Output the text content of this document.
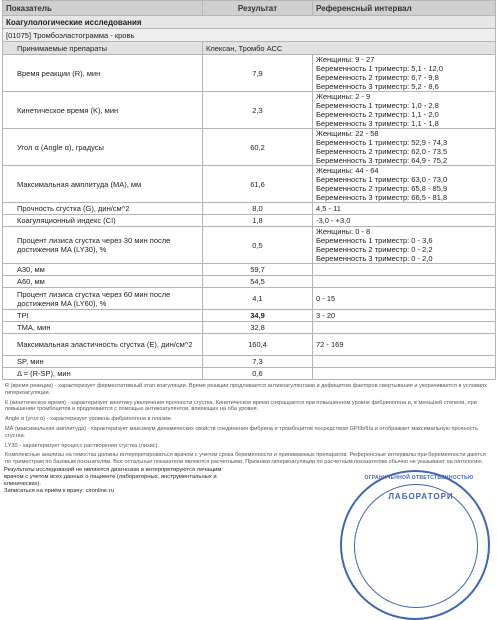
Показатель	Результат	Референсный интервал
Коагулологические исследования		
[01075] Тромбоэластограмма - кровь		
Принимаемые препараты	Клексан, Тромбо АСС	
Время реакции (R), мин	7,9	Женщины: 9 - 27
Беременность 1 триместр: 5,1 - 12,0
Беременность 2 триместр: 6,7 - 9,8
Беременность 3 триместр: 5,2 - 8,6
Кинетическое время (K), мин	2,3	Женщины: 2 - 9
Беременность 1 триместр: 1,0 - 2,8
Беременность 2 триместр: 1,1 - 2,0
Беременность 3 триместр: 1,1 - 1,8
Угол α (Angle α), градусы	60,2	Женщины: 22 - 58
Беременность 1 триместр: 52,9 - 74,3
Беременность 2 триместр: 62,0 - 73,5
Беременность 3 триместр: 64,9 - 75,2
Максимальная амплитуда (MA), мм	61,6	Женщины: 44 - 64
Беременность 1 триместр: 63,0 - 73,0
Беременность 2 триместр: 65,8 - 85,9
Беременность 3 триместр: 66,5 - 81,8
Прочность сгустка (G), дин/см^2	8,0	4,5 - 11
Коагуляционный индекс (CI)	1,8	-3,0 - +3,0
Процент лизиса сгустка через 30 мин после достижения MA (LY30), %	0,5	Женщины: 0 - 8
Беременность 1 триместр: 0 - 3,6
Беременность 2 триместр: 0 - 2,2
Беременность 3 триместр: 0 - 2,0
A30, мм	59,7	
A60, мм	54,5	
Процент лизиса сгустка через 60 мин после достижения MA (LY60), %	4,1	0 - 15
TPI	34,9	3 - 20
TMA, мин	32,8	
Максимальная эластичность сгустка (E), дин/см^2	160,4	72 - 169
SP, мин	7,3	
Δ = (R-SP), мин	0,6	

R (время реакции) - характеризует ферментативный этап коагуляции. Время реакции продлевается антикоагулянтами и дефицитом факторов свертывания и укорачивается в условиях гиперкоагуляции.

К (кинетическое время) - характеризует кинетику увеличения прочности сгустка. Кинетическое время сокращается при повышенном уровне фибриногена и, в меньшей степени, при повышении тромбоцитов и продлевается с помощью антикоагулянтов, влияющих на оба уровня.

Angle α (угол α) - характеризует уровень фибриногена в плазме.

МА (максимальная амплитуда) - характеризует максимум динамических свойств соединения фибрина и тромбоцитов посредством GPIIb/IIIa и отображает максимальную прочность сгустка.

LY30 - характеризует процесс растворения сгустка (лизис).

Комплексные анализы на гемостаз должны интерпретироваться врачом с учетом срока беременности и принимаемых препаратов. Референсные интервалы при беременности даются по триместрам по базовым показателям. Все остальные показатели являются расчетными. Признаки гиперкоагуляции по расчетным показателям обычно не указывают на патологию.

Результаты исследований не являются диагнозом и интерпретируются лечащим
врачом с учетом всех данных о пациенте (лабораторных, инструментальных и
клинических).
Записаться на приём к врачу: cironline.ru
ОГРАНИЧЕННОЙ ОТВЕТСТВЕННОСТЬЮ
ЛАБОРАТОРИ
